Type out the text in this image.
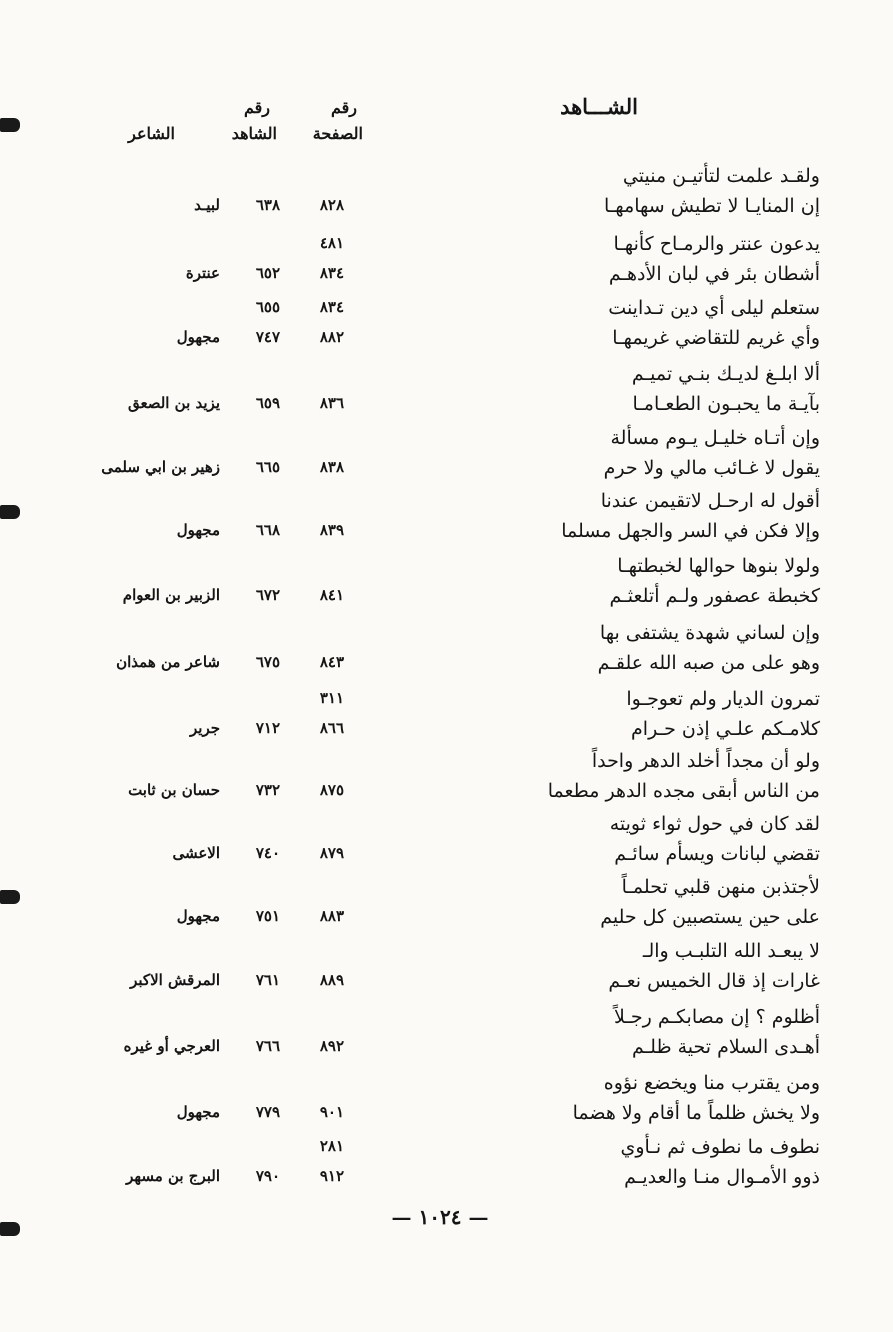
الشـــاهد
رقم
الصفحة
رقم
الشاهد
الشاعر
ولقـد علمت لتأتيـن منيتي
إن المنايـا لا تطيش سهامهـا
٨٢٨
٦٣٨
لبيـد
يدعون عنتر والرمـاح كأنهـا
أشطان بئر في لبان الأدهـم
٤٨١
٨٣٤
٦٥٢
عنترة
ستعلم ليلى أي دين تـداينت
وأي غريم للتقاضي غريمهـا
٨٣٤
٨٨٢
٦٥٥
٧٤٧
مجهول
ألا ابلـغ لديـك بنـي تميـم
بآيـة ما يحبـون الطعـامـا
٨٣٦
٦٥٩
يزيد بن الصعق
وإن أتـاه خليـل يـوم مسألة
يقول لا غـائب مالي ولا حرم
٨٣٨
٦٦٥
زهير بن ابي سلمى
أقول له ارحـل لاتقيمن عندنا
وإلا فكن في السر والجهل مسلما
٨٣٩
٦٦٨
مجهول
ولولا بنوها حوالها لخبطتهـا
كخبطة عصفور ولـم أتلعثـم
٨٤١
٦٧٢
الزبير بن العوام
وإن لساني شهدة يشتفى بها
وهو على من صبه الله علقـم
٨٤٣
٦٧٥
شاعر من همذان
تمرون الديار ولم تعوجـوا
كلامـكم علـي إذن حـرام
٣١١
٨٦٦
٧١٢
جرير
ولو أن مجداً أخلد الدهر واحداً
من الناس أبقى مجده الدهر مطعما
٨٧٥
٧٣٢
حسان بن ثابت
لقد كان في حول ثواء ثويته
تقضي لبانات ويسأم سائـم
٨٧٩
٧٤٠
الاعشى
لأجتذبن منهن قلبي تحلمـاً
على حين يستصبين كل حليم
٨٨٣
٧٥١
مجهول
لا يبعـد الله التلبـب والـ
غارات إذ قال الخميس نعـم
٨٨٩
٧٦١
المرقش الاكبر
أظلوم ؟ إن مصابكـم رجـلاً
أهـدى السلام تحية ظلـم
٨٩٢
٧٦٦
العرجي أو غيره
ومن يقترب منا ويخضع نؤوه
ولا يخش ظلماً ما أقام ولا هضما
٩٠١
٧٧٩
مجهول
نطوف ما نطوف ثم نـأوي
ذوو الأمـوال منـا والعديـم
٢٨١
٩١٢
٧٩٠
البرج بن مسهر
— ١٠٢٤ —
